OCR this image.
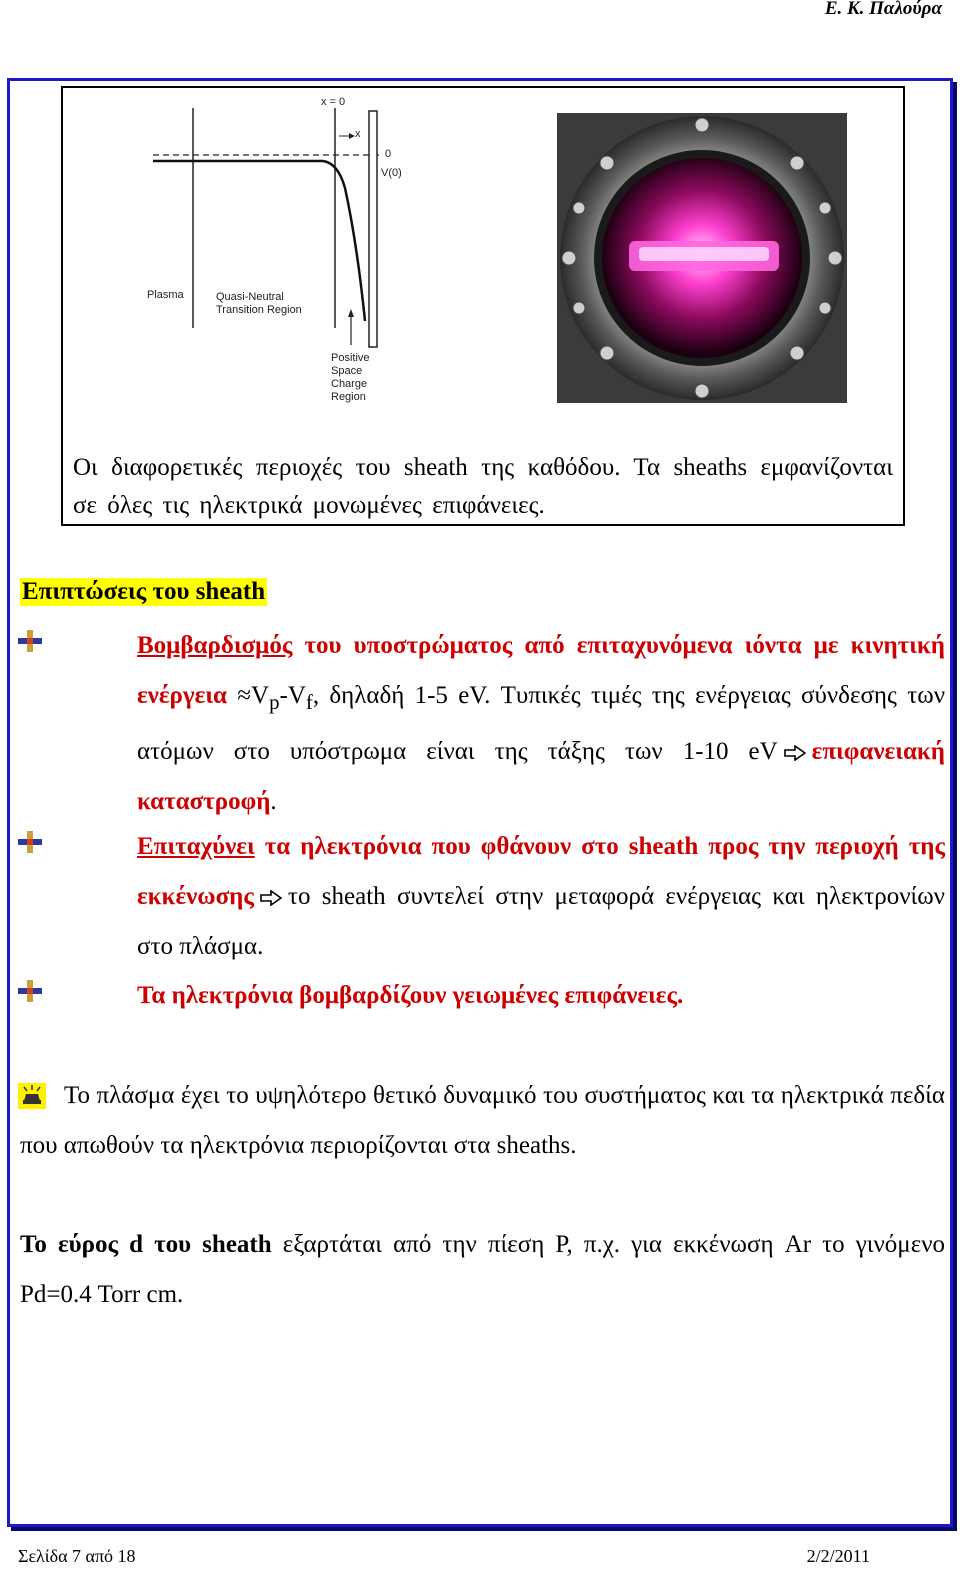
Ε. Κ. Παλούρα
x = 0
x
0
V(0)
Plasma	Quasi-Neutral
Transition Region
Positive
Space
Charge
Region
Οι διαφορετικές περιοχές του sheath της καθόδου. Τα sheaths εμφανίζονται σε όλες τις ηλεκτρικά μονωμένες επιφάνειες.
Επιπτώσεις του sheath
Βομβαρδισμός του υποστρώματος από επιταχυνόμενα ιόντα με κινητική $\varepsilon\nu έ\rho\gamma\varepsilon\iota\alpha \approx V_p-V_f$, δηλαδή 1-5 eV. Τυπικές τιμές της ενέργειας σύνδεσης των ατόμων στο υπόστρωμα είναι της τάξης των 1-10 eV επιφανειακή καταστροφή.
Επιταχύνει τα ηλεκτρόνια που φθάνουν στο sheath προς την περιοχή της εκκένωσης το sheath συντελεί στην μεταφορά ενέργειας και ηλεκτρονίων στο πλάσμα.
Τα ηλεκτρόνια βομβαρδίζουν γειωμένες επιφάνειες.
Το πλάσμα έχει το υψηλότερο θετικό δυναμικό του συστήματος και τα ηλεκτρικά πεδία που απωθούν τα ηλεκτρόνια περιορίζονται στα sheaths.
Το εύρος d του sheath εξαρτάται από την πίεση P, π.χ. για εκκένωση Ar το γινόμενο Pd=0.4 Torr cm.
Σελίδα 7 από 18	2/2/2011
